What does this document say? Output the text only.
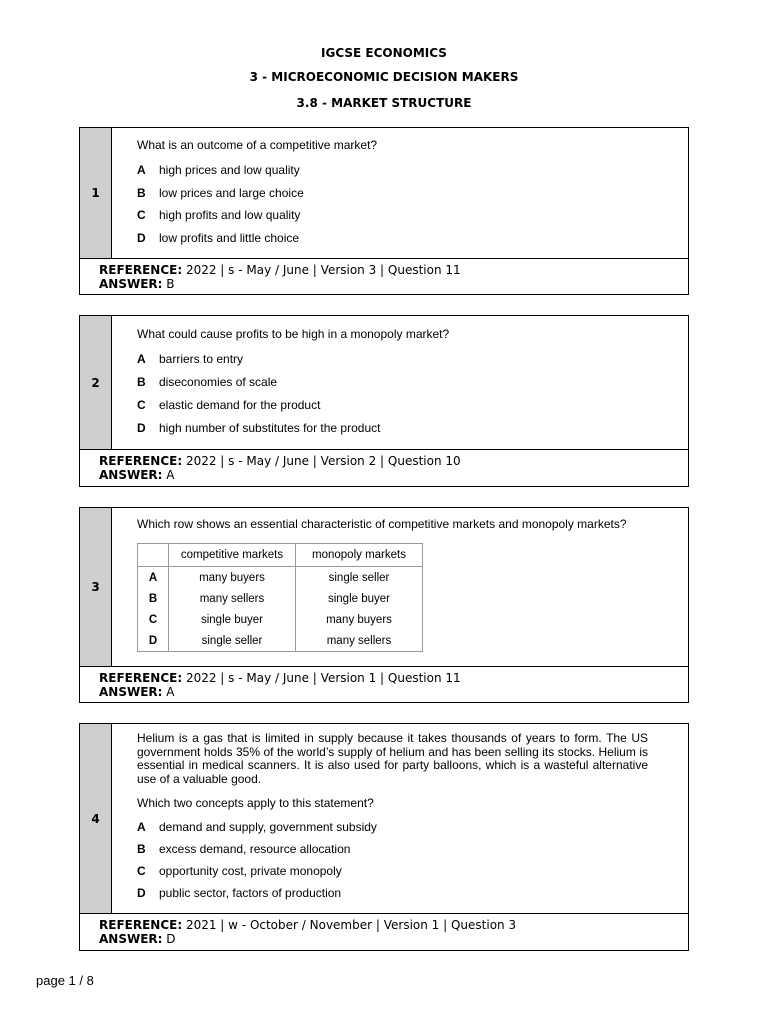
IGCSE ECONOMICS
3 - MICROECONOMIC DECISION MAKERS
3.8 - MARKET STRUCTURE
1
What is an outcome of a competitive market?
A high prices and low quality
B low prices and large choice
C high profits and low quality
D low profits and little choice
REFERENCE: 2022 | s - May / June | Version 3 | Question 11
ANSWER: B
2
What could cause profits to be high in a monopoly market?
A barriers to entry
B diseconomies of scale
C elastic demand for the product
D high number of substitutes for the product
REFERENCE: 2022 | s - May / June | Version 2 | Question 10
ANSWER: A
3
Which row shows an essential characteristic of competitive markets and monopoly markets?
	competitive markets	monopoly markets
A	many buyers	single seller
B	many sellers	single buyer
C	single buyer	many buyers
D	single seller	many sellers
REFERENCE: 2022 | s - May / June | Version 1 | Question 11
ANSWER: A
4
Helium is a gas that is limited in supply because it takes thousands of years to form. The US government holds 35% of the world’s supply of helium and has been selling its stocks. Helium is essential in medical scanners. It is also used for party balloons, which is a wasteful alternative use of a valuable good.
Which two concepts apply to this statement?
A demand and supply, government subsidy
B excess demand, resource allocation
C opportunity cost, private monopoly
D public sector, factors of production
REFERENCE: 2021 | w - October / November | Version 1 | Question 3
ANSWER: D
page 1 / 8
